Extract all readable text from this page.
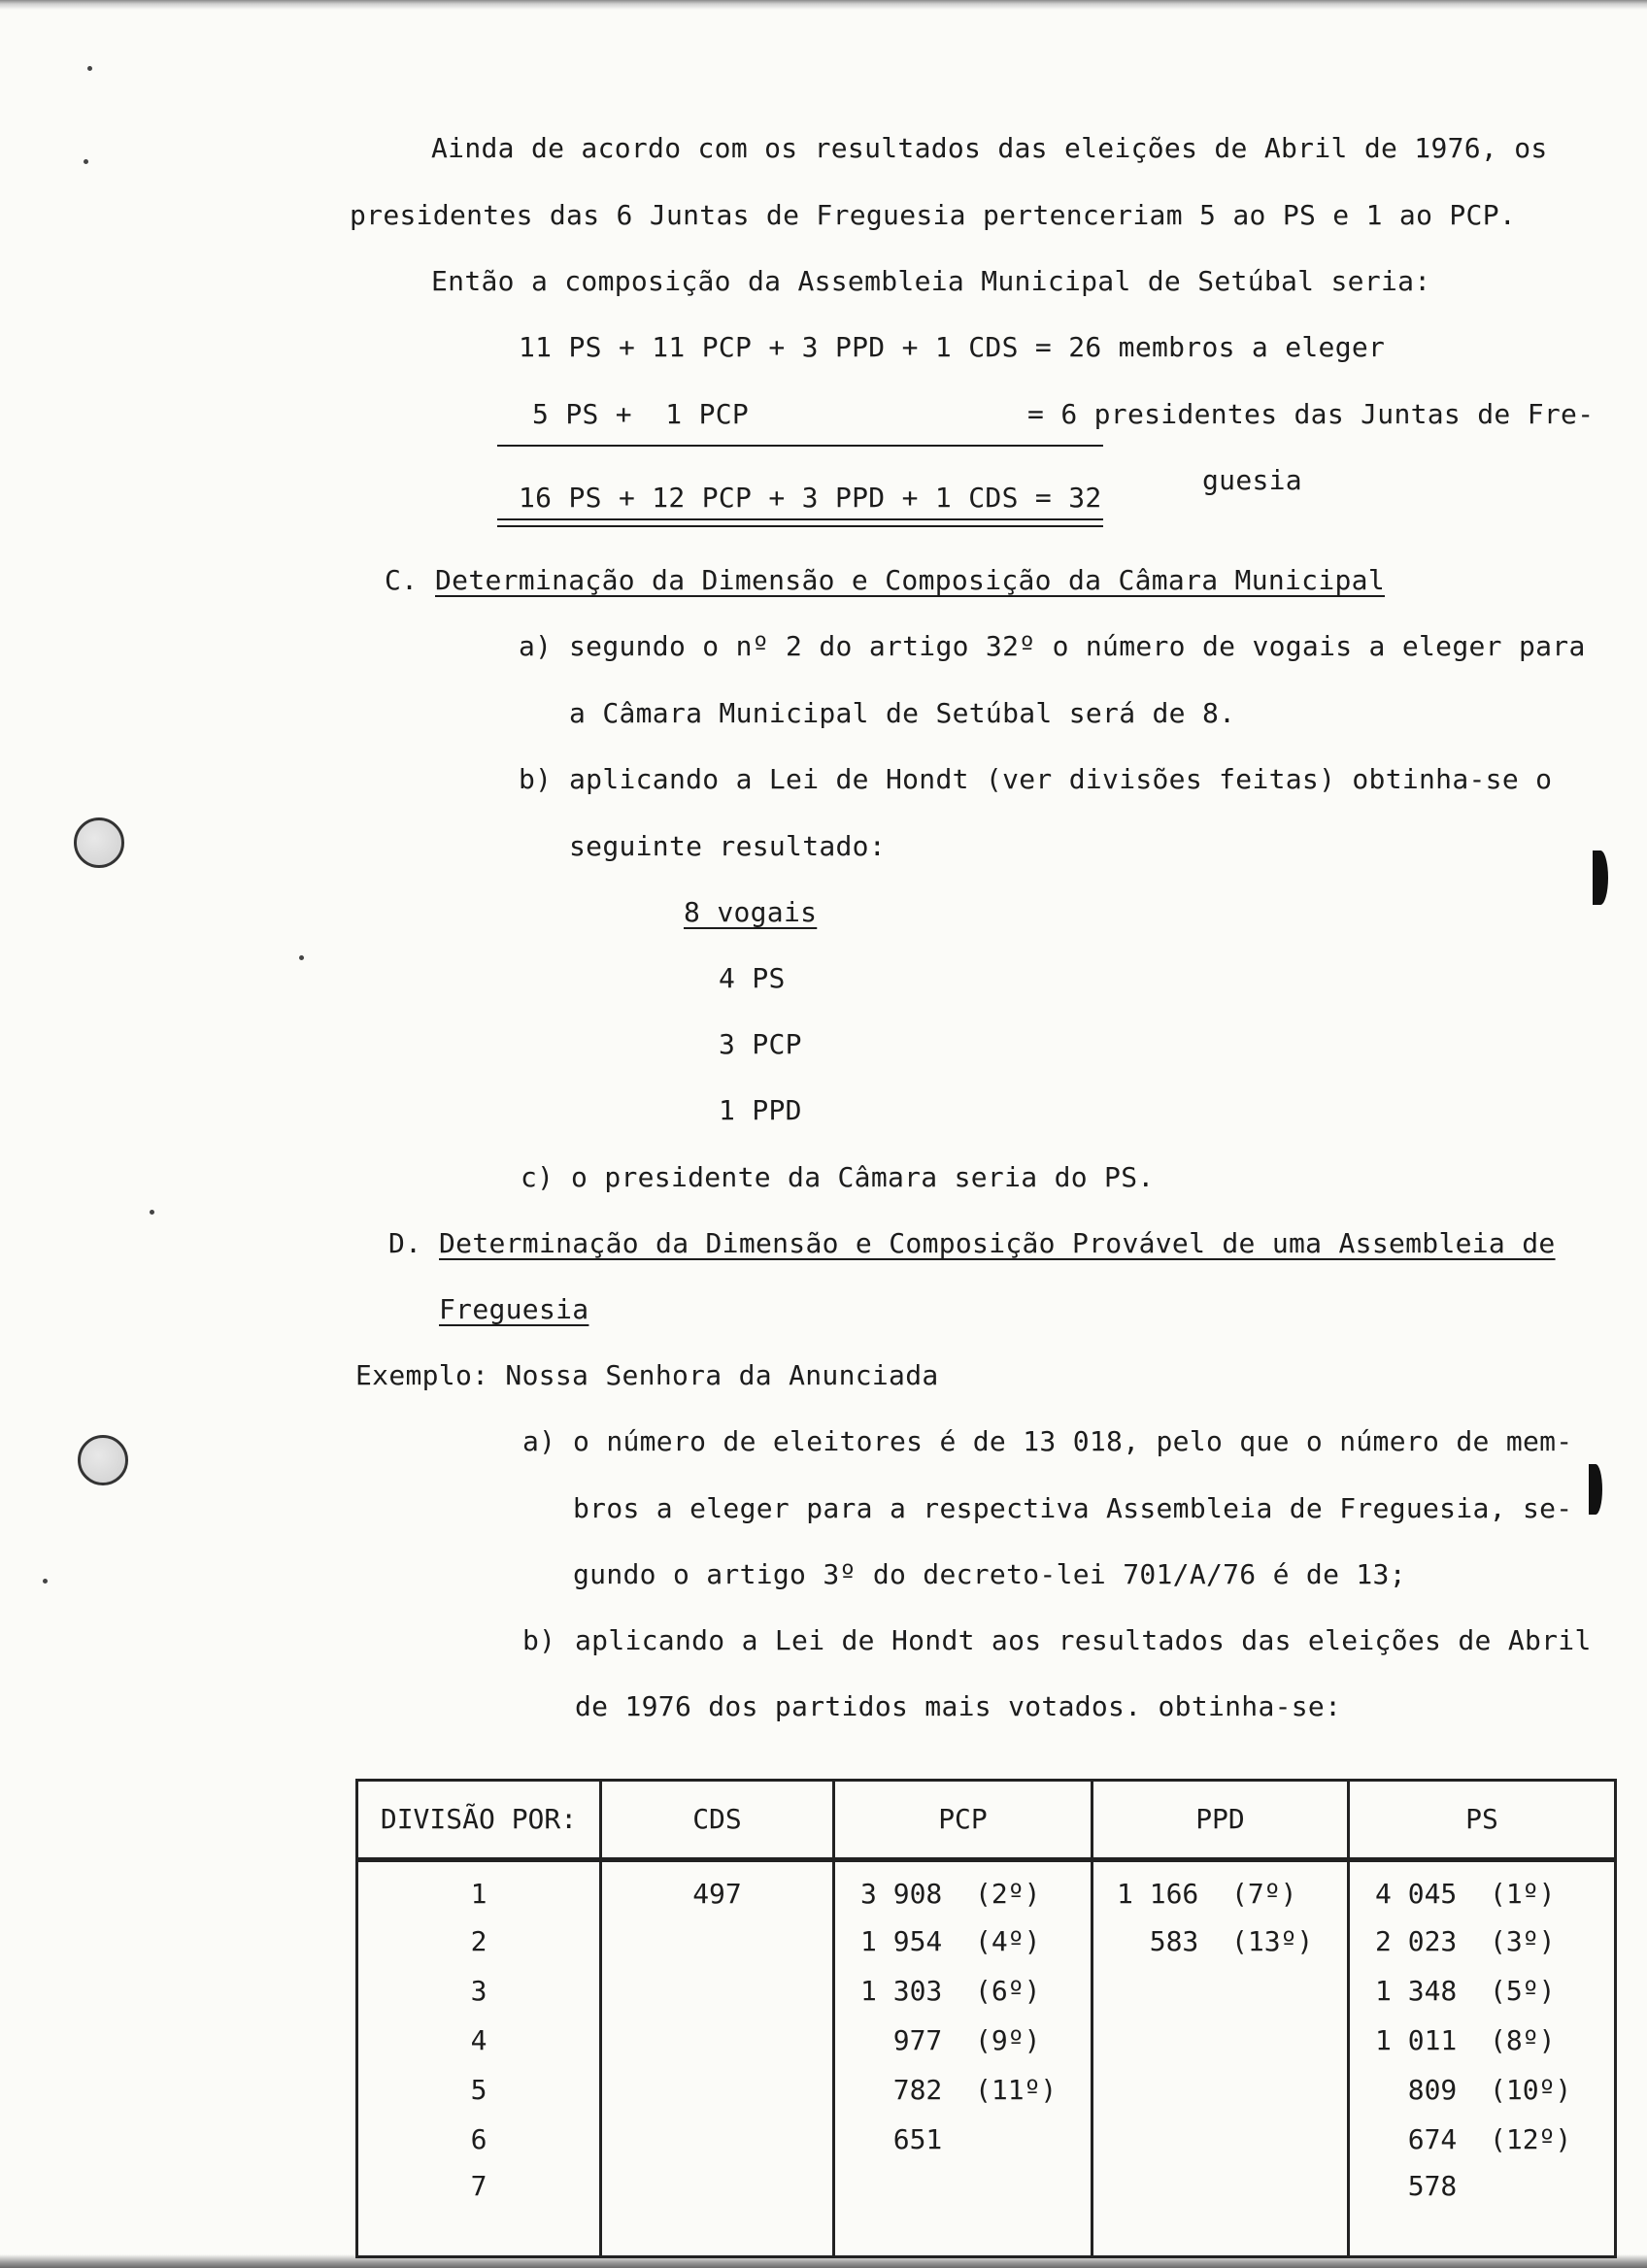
Ainda de acordo com os resultados das eleições de Abril de 1976, os
presidentes das 6 Juntas de Freguesia pertenceriam 5 ao PS e 1 ao PCP.
Então a composição da Assembleia Municipal de Setúbal seria:
11 PS + 11 PCP + 3 PPD + 1 CDS = 26 membros a eleger
5 PS +  1 PCP	= 6 presidentes das Juntas de Fre-
guesia
16 PS + 12 PCP + 3 PPD + 1 CDS = 32
C. Determinação da Dimensão e Composição da Câmara Municipal
a) segundo o nº 2 do artigo 32º o número de vogais a eleger para
a Câmara Municipal de Setúbal será de 8.
b) aplicando a Lei de Hondt (ver divisões feitas) obtinha-se o
seguinte resultado:
8 vogais
4 PS
3 PCP
1 PPD
c) o presidente da Câmara seria do PS.
D. Determinação da Dimensão e Composição Provável de uma Assembleia de
Freguesia
Exemplo: Nossa Senhora da Anunciada
a) o número de eleitores é de 13 018, pelo que o número de mem-
bros a eleger para a respectiva Assembleia de Freguesia, se-
gundo o artigo 3º do decreto-lei 701/A/76 é de 13;
b) aplicando a Lei de Hondt aos resultados das eleições de Abril
de 1976 dos partidos mais votados. obtinha-se:
DIVISÃO POR:	CDS	PCP	PPD	PS
1	497	3 908  (2º)	1 166  (7º)	4 045  (1º)
2		1 954  (4º)	583  (13º)	2 023  (3º)
3		1 303  (6º)		1 348  (5º)
4		977  (9º)		1 011  (8º)
5		782  (11º)		809  (10º)
6		651		674  (12º)
7				578
